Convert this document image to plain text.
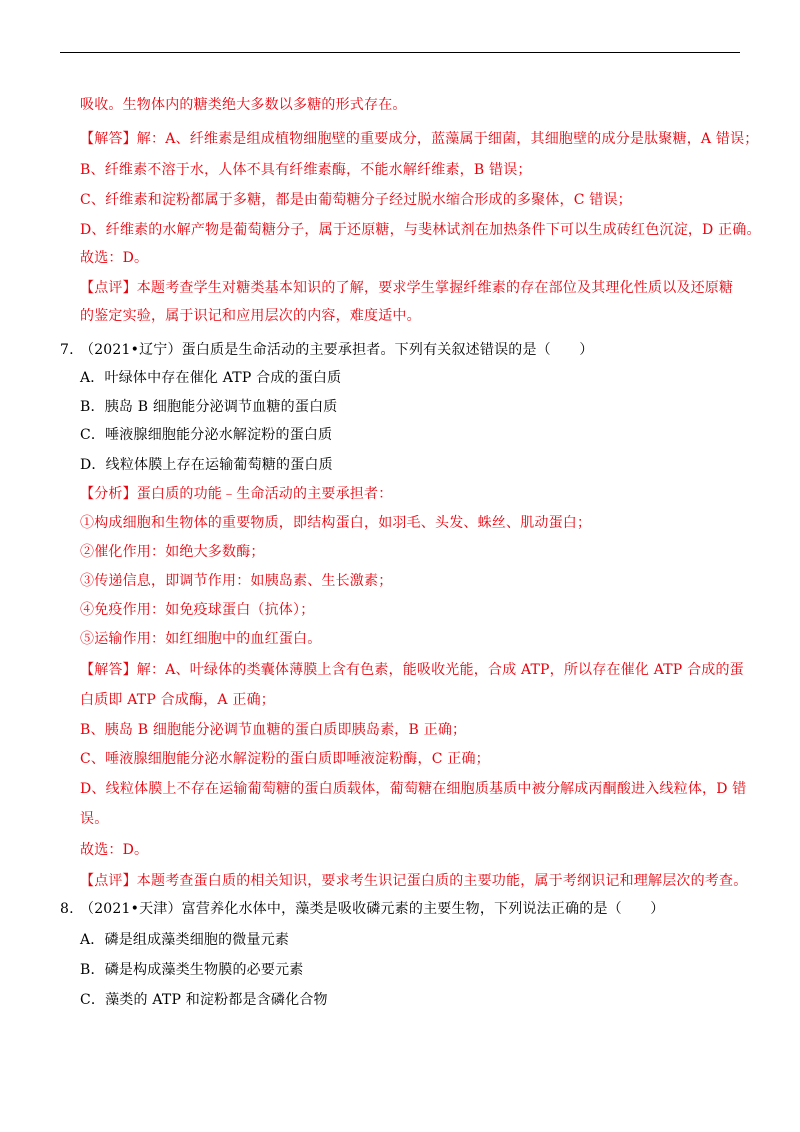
吸收。生物体内的糖类绝大多数以多糖的形式存在。
【解答】解：A、纤维素是组成植物细胞壁的重要成分，蓝藻属于细菌，其细胞壁的成分是肽聚糖，A 错误；
B、纤维素不溶于水，人体不具有纤维素酶，不能水解纤维素，B 错误；
C、纤维素和淀粉都属于多糖，都是由葡萄糖分子经过脱水缩合形成的多聚体，C 错误；
D、纤维素的水解产物是葡萄糖分子，属于还原糖，与斐林试剂在加热条件下可以生成砖红色沉淀，D 正确。
故选：D。
【点评】本题考查学生对糖类基本知识的了解，要求学生掌握纤维素的存在部位及其理化性质以及还原糖
的鉴定实验，属于识记和应用层次的内容，难度适中。
7. （2021•辽宁）蛋白质是生命活动的主要承担者。下列有关叙述错误的是（　　）
A．叶绿体中存在催化 ATP 合成的蛋白质
B．胰岛 B 细胞能分泌调节血糖的蛋白质
C．唾液腺细胞能分泌水解淀粉的蛋白质
D．线粒体膜上存在运输葡萄糖的蛋白质
【分析】蛋白质的功能﹣生命活动的主要承担者：
①构成细胞和生物体的重要物质，即结构蛋白，如羽毛、头发、蛛丝、肌动蛋白；
②催化作用：如绝大多数酶；
③传递信息，即调节作用：如胰岛素、生长激素；
④免疫作用：如免疫球蛋白（抗体）；
⑤运输作用：如红细胞中的血红蛋白。
【解答】解：A、叶绿体的类囊体薄膜上含有色素，能吸收光能，合成 ATP，所以存在催化 ATP 合成的蛋
白质即 ATP 合成酶，A 正确；
B、胰岛 B 细胞能分泌调节血糖的蛋白质即胰岛素，B 正确；
C、唾液腺细胞能分泌水解淀粉的蛋白质即唾液淀粉酶，C 正确；
D、线粒体膜上不存在运输葡萄糖的蛋白质载体，葡萄糖在细胞质基质中被分解成丙酮酸进入线粒体，D 错
误。
故选：D。
【点评】本题考查蛋白质的相关知识，要求考生识记蛋白质的主要功能，属于考纲识记和理解层次的考查。
8. （2021•天津）富营养化水体中，藻类是吸收磷元素的主要生物，下列说法正确的是（　　）
A．磷是组成藻类细胞的微量元素
B．磷是构成藻类生物膜的必要元素
C．藻类的 ATP 和淀粉都是含磷化合物
